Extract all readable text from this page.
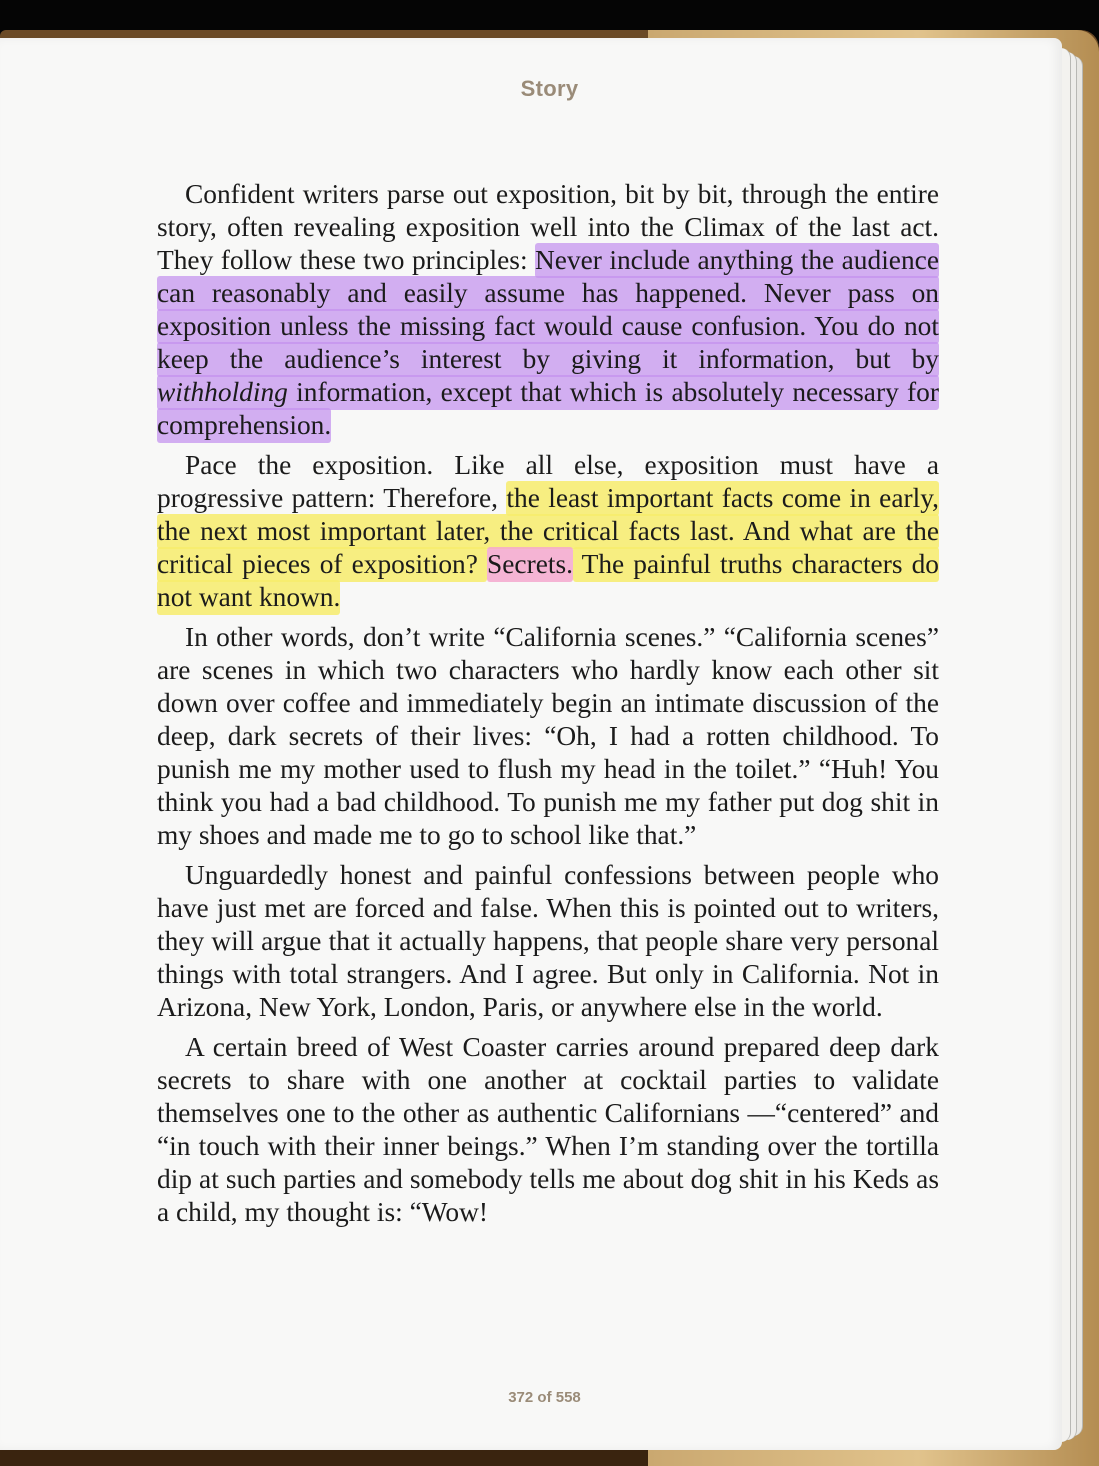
Story

Confident writers parse out exposition, bit by bit, through the entire story, often revealing exposition well into the Climax of the last act. They follow these two principles: Never include anything the audience can reasonably and easily assume has happened. Never pass on exposition unless the missing fact would cause confusion. You do not keep the audience’s interest by giving it information, but by withholding information, except that which is absolutely necessary for comprehension.

Pace the exposition. Like all else, exposition must have a progressive pattern: Therefore, the least important facts come in early, the next most important later, the critical facts last. And what are the critical pieces of exposition? Secrets. The painful truths characters do not want known.

In other words, don’t write “California scenes.” “California scenes” are scenes in which two characters who hardly know each other sit down over coffee and immediately begin an intimate discussion of the deep, dark secrets of their lives: “Oh, I had a rotten childhood. To punish me my mother used to flush my head in the toilet.” “Huh! You think you had a bad childhood. To punish me my father put dog shit in my shoes and made me to go to school like that.”

Unguardedly honest and painful confessions between people who have just met are forced and false. When this is pointed out to writers, they will argue that it actually happens, that people share very personal things with total strangers. And I agree. But only in California. Not in Arizona, New York, London, Paris, or anywhere else in the world.

A certain breed of West Coaster carries around prepared deep dark secrets to share with one another at cocktail parties to validate themselves one to the other as authentic Californians —“centered” and “in touch with their inner beings.” When I’m standing over the tortilla dip at such parties and somebody tells me about dog shit in his Keds as a child, my thought is: “Wow!

372 of 558
